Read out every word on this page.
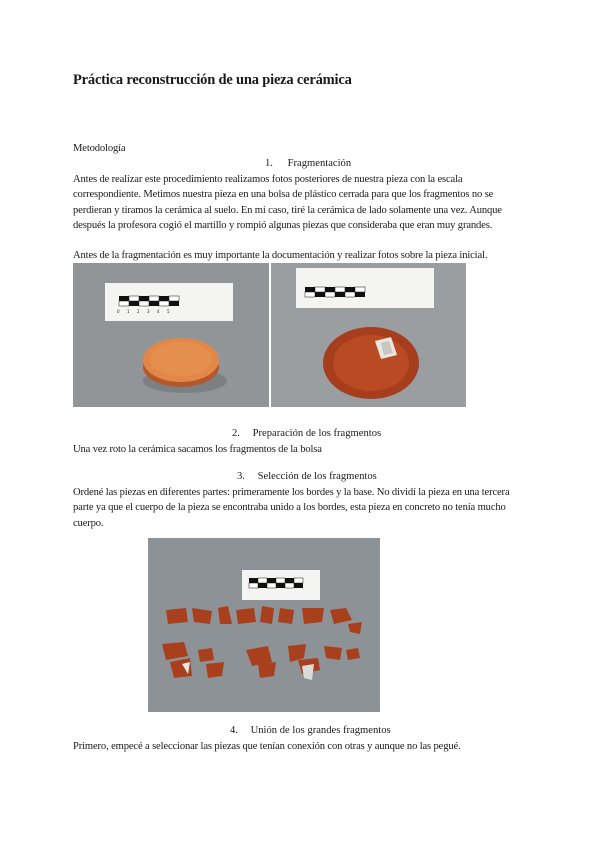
Práctica reconstrucción de una pieza cerámica

Metodología

1. Fragmentación

Antes de realizar este procedimiento realizamos fotos posteriores de nuestra pieza con la escala correspondiente. Metimos nuestra pieza en una bolsa de plástico cerrada para que los fragmentos no se perdieran y tiramos la cerámica al suelo. En mi caso, tiré la cerámica de lado solamente una vez. Aunque después la profesora cogió el martillo y rompió algunas piezas que consideraba que eran muy grandes.

Antes de la fragmentación es muy importante la documentación y realizar fotos sobre la pieza inicial.

0 1 2 3 4 5

2. Preparación de los fragmentos

Una vez roto la cerámica sacamos los fragmentos de la bolsa

3. Selección de los fragmentos

Ordené las piezas en diferentes partes: primeramente los bordes y la base. No dividí la pieza en una tercera parte ya que el cuerpo de la pieza se encontraba unido a los bordes, esta pieza en concreto no tenía mucho cuerpo.

4. Unión de los grandes fragmentos

Primero, empecé a seleccionar las piezas que tenían conexión con otras y aunque no las pegué.
